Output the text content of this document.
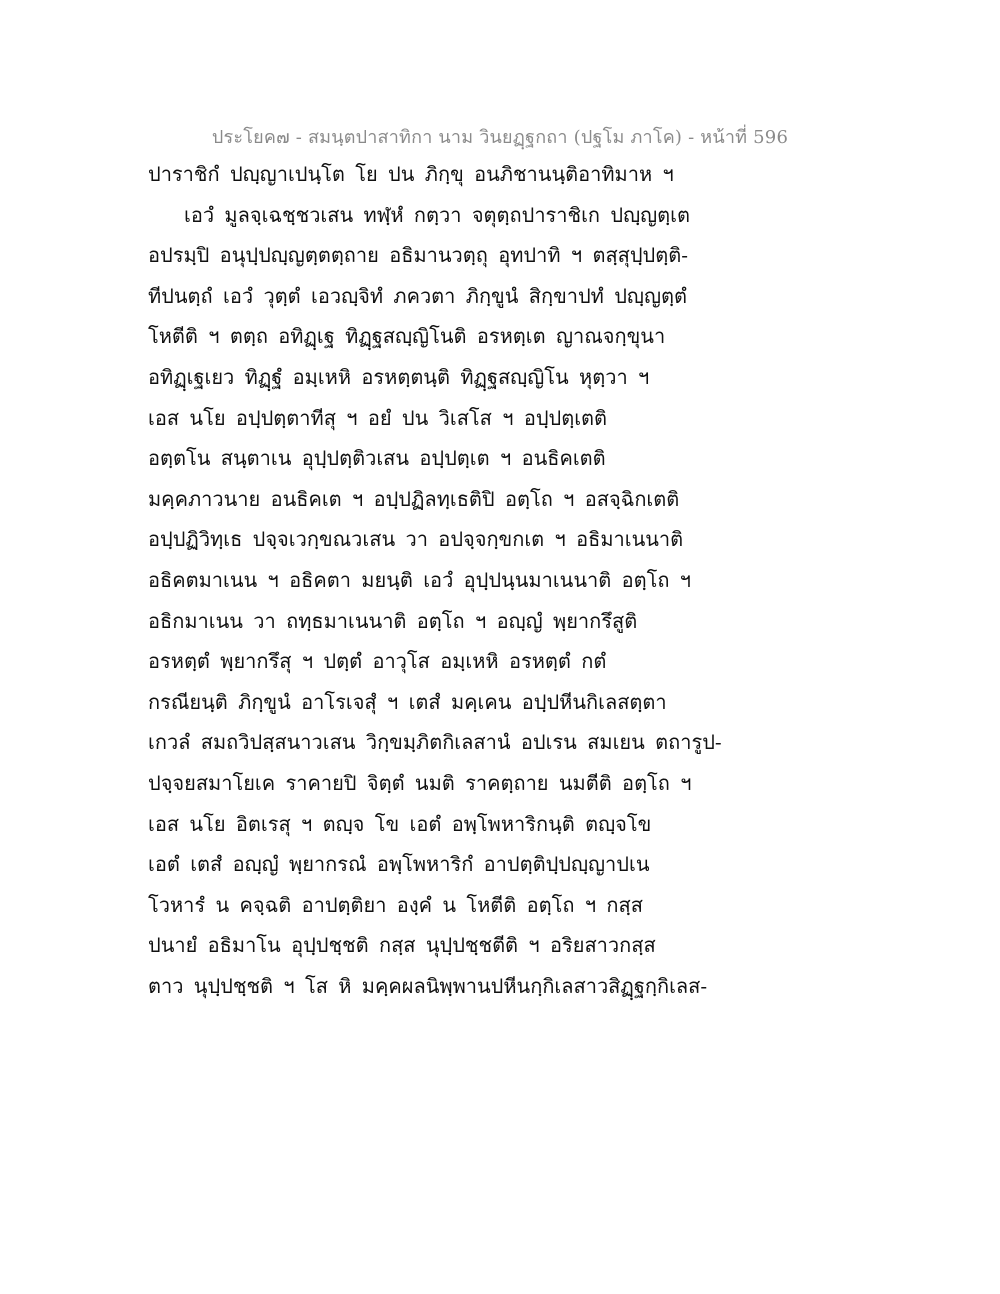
ประโยค๗ - สมนฺตปาสาทิกา นาม วินยฏฺฐกถา (ปฐโม ภาโค) - หน้าที่ 596
ปาราชิกํ ปญฺญาเปนฺโต โย ปน ภิกฺขุ อนภิชานนฺติอาทิมาห ฯ
เอวํ มูลจฺเฉชฺชวเสน ทฬฺหํ กตฺวา จตุตฺถปาราชิเก ปญฺญตฺเต
อปรมฺปิ อนุปฺปญฺญตฺตตฺถาย อธิมานวตฺถุ อุทปาทิ ฯ ตสฺสุปฺปตฺติ-
ทีปนตฺถํ เอวํ วุตฺตํ เอวญฺจิทํ ภควตา ภิกฺขูนํ สิกฺขาปทํ ปญฺญตฺตํ
โหตีติ ฯ ตตฺถ อทิฏฺเฐ ทิฏฺฐสญฺญิโนติ อรหตฺเต ญาณจกฺขุนา
อทิฏฺเฐเยว ทิฏฺฐํ อมฺเหหิ อรหตฺตนฺติ ทิฏฺฐสญฺญิโน หุตฺวา ฯ
เอส นโย อปฺปตฺตาทีสุ ฯ อยํ ปน วิเสโส ฯ อปฺปตฺเตติ
อตฺตโน สนฺตาเน อุปฺปตฺติวเสน อปฺปตฺเต ฯ อนธิคเตติ
มคฺคภาวนาย อนธิคเต ฯ อปฺปฏิลทฺเธติปิ อตฺโถ ฯ อสจฺฉิกเตติ
อปฺปฏิวิทฺเธ ปจฺจเวกฺขณวเสน วา อปจฺจกฺขกเต ฯ อธิมาเนนาติ
อธิคตมาเนน ฯ อธิคตา มยนฺติ เอวํ อุปฺปนฺนมาเนนาติ อตฺโถ ฯ
อธิกมาเนน วา ถทฺธมาเนนาติ อตฺโถ ฯ อญฺญํ พฺยากรึสูติ
อรหตฺตํ พฺยากรึสุ ฯ ปตฺตํ อาวุโส อมฺเหหิ อรหตฺตํ กตํ
กรณียนฺติ ภิกฺขูนํ อาโรเจสุํ ฯ เตสํ มคฺเคน อปฺปหีนกิเลสตฺตา
เกวลํ สมถวิปสฺสนาวเสน วิกฺขมฺภิตกิเลสานํ อปเรน สมเยน ตถารูป-
ปจฺจยสมาโยเค ราคายปิ จิตฺตํ นมติ ราคตฺถาย นมตีติ อตฺโถ ฯ
เอส นโย อิตเรสุ ฯ ตญฺจ โข เอตํ อพฺโพหาริกนฺติ ตญฺจโข
เอตํ เตสํ อญฺญํ พฺยากรณํ อพฺโพหาริกํ อาปตฺติปฺปญฺญาปเน
โวหารํ น คจฺฉติ อาปตฺติยา องฺคํ น โหตีติ อตฺโถ ฯ กสฺส
ปนายํ อธิมาโน อุปฺปชฺชติ กสฺส นุปฺปชฺชตีติ ฯ อริยสาวกสฺส
ตาว นุปฺปชฺชติ ฯ โส หิ มคฺคผลนิพฺพานปหีนกฺกิเลสาวสิฏฺฐกฺกิเลส-
